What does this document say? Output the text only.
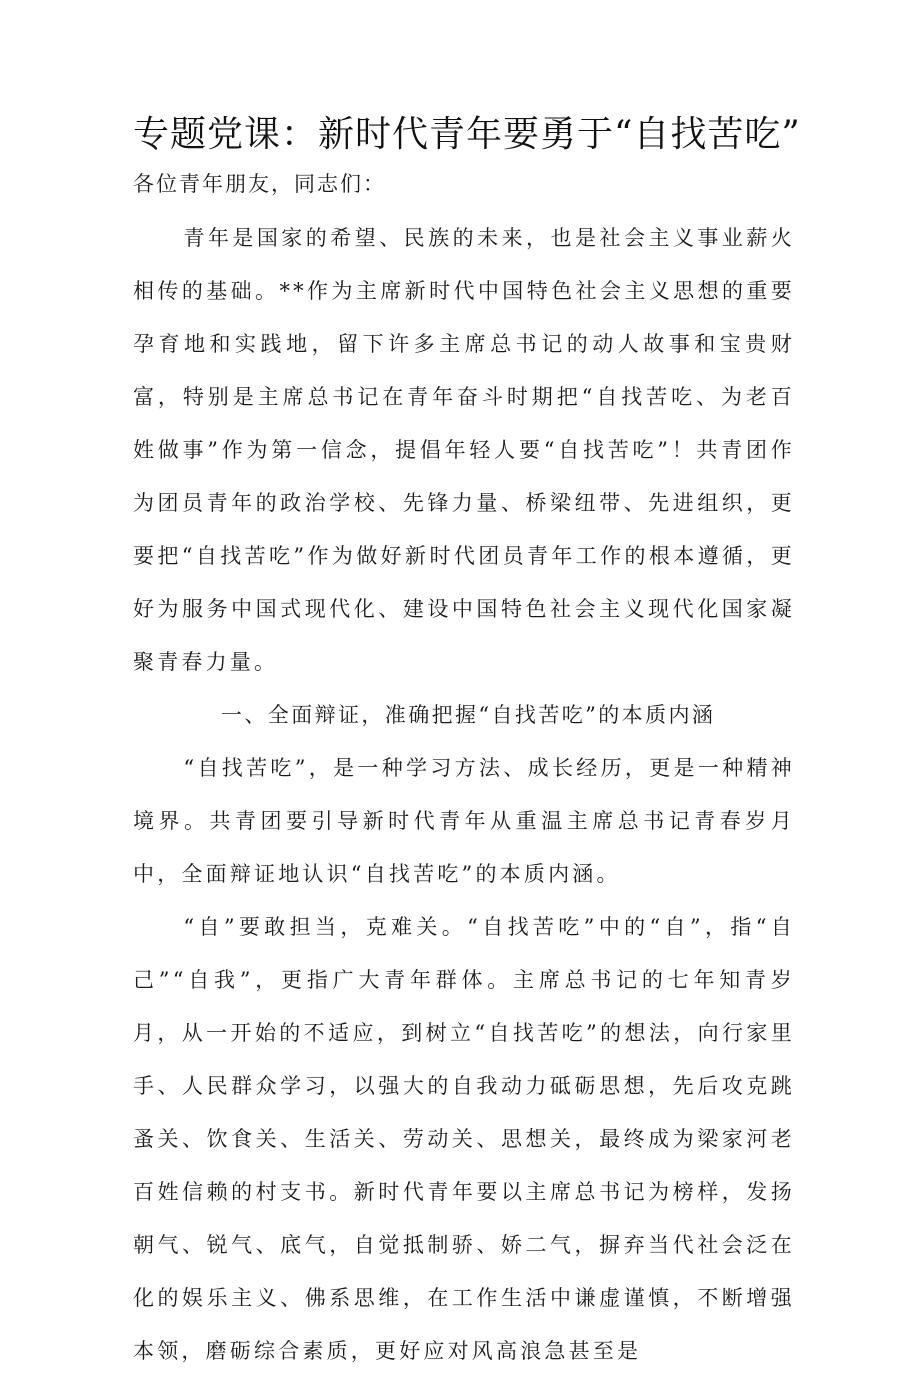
专题党课：新时代青年要勇于“自找苦吃”
各位青年朋友，同志们：

青年是国家的希望、民族的未来，也是社会主义事业薪火相传的基础。**作为主席新时代中国特色社会主义思想的重要孕育地和实践地，留下许多主席总书记的动人故事和宝贵财富，特别是主席总书记在青年奋斗时期把“自找苦吃、为老百姓做事”作为第一信念，提倡年轻人要“自找苦吃”！共青团作为团员青年的政治学校、先锋力量、桥梁纽带、先进组织，更要把“自找苦吃”作为做好新时代团员青年工作的根本遵循，更好为服务中国式现代化、建设中国特色社会主义现代化国家凝聚青春力量。

一、全面辩证，准确把握“自找苦吃”的本质内涵

“自找苦吃”，是一种学习方法、成长经历，更是一种精神境界。共青团要引导新时代青年从重温主席总书记青春岁月中，全面辩证地认识“自找苦吃”的本质内涵。

“自”要敢担当，克难关。“自找苦吃”中的“自”，指“自己”“自我”，更指广大青年群体。主席总书记的七年知青岁月，从一开始的不适应，到树立“自找苦吃”的想法，向行家里手、人民群众学习，以强大的自我动力砥砺思想，先后攻克跳蚤关、饮食关、生活关、劳动关、思想关，最终成为梁家河老百姓信赖的村支书。新时代青年要以主席总书记为榜样，发扬朝气、锐气、底气，自觉抵制骄、娇二气，摒弃当代社会泛在化的娱乐主义、佛系思维，在工作生活中谦虚谨慎，不断增强本领，磨砺综合素质，更好应对风高浪急甚至是
